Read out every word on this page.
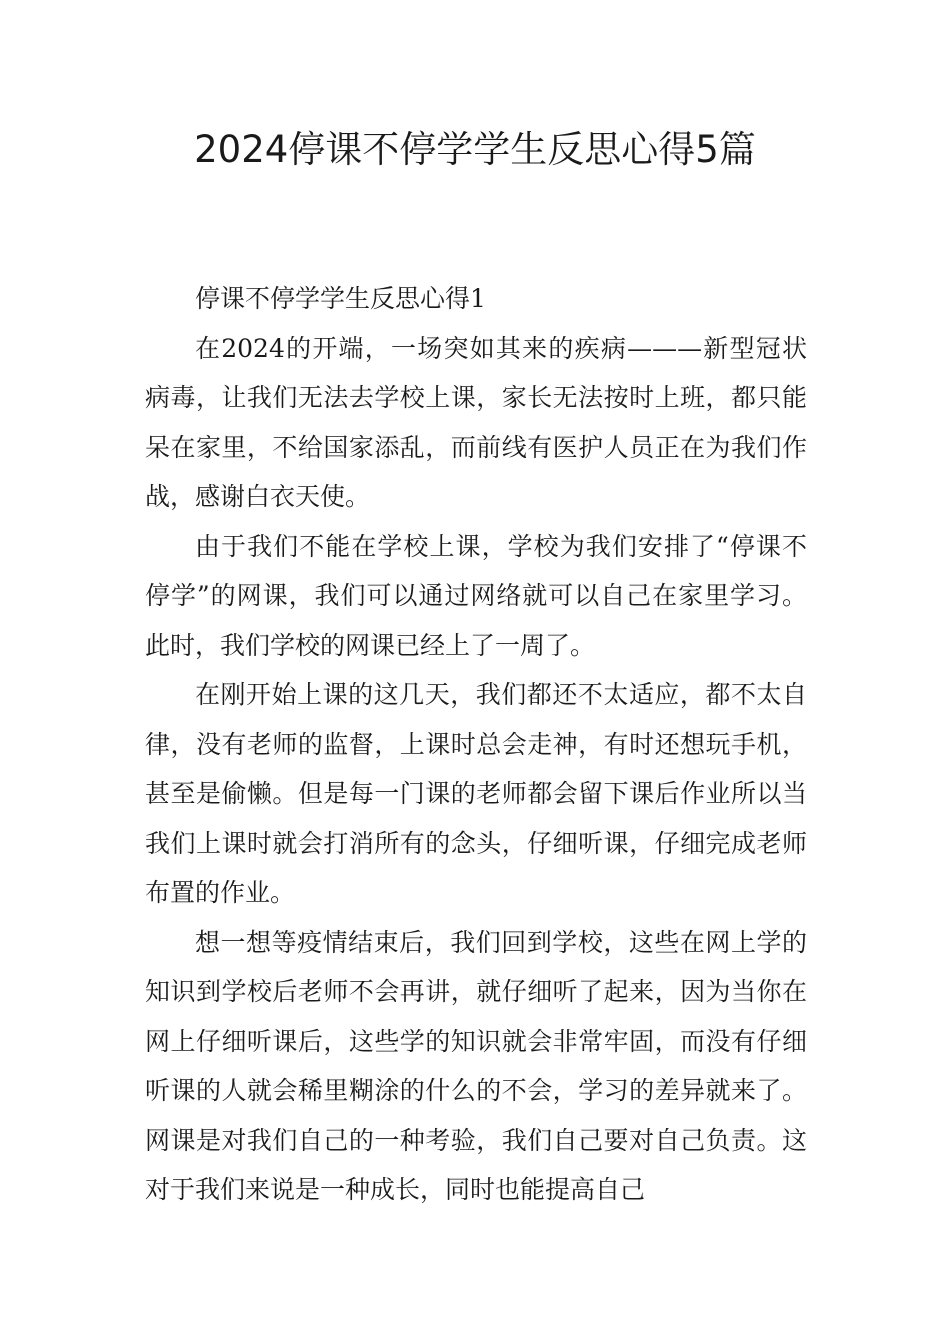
2024停课不停学学生反思心得5篇

停课不停学学生反思心得1

在2024的开端，一场突如其来的疾病———新型冠状病毒，让我们无法去学校上课，家长无法按时上班，都只能呆在家里，不给国家添乱，而前线有医护人员正在为我们作战，感谢白衣天使。

由于我们不能在学校上课，学校为我们安排了“停课不停学”的网课，我们可以通过网络就可以自己在家里学习。此时，我们学校的网课已经上了一周了。

在刚开始上课的这几天，我们都还不太适应，都不太自律，没有老师的监督，上课时总会走神，有时还想玩手机，甚至是偷懒。但是每一门课的老师都会留下课后作业所以当我们上课时就会打消所有的念头，仔细听课，仔细完成老师布置的作业。

想一想等疫情结束后，我们回到学校，这些在网上学的知识到学校后老师不会再讲，就仔细听了起来，因为当你在网上仔细听课后，这些学的知识就会非常牢固，而没有仔细听课的人就会稀里糊涂的什么的不会，学习的差异就来了。网课是对我们自己的一种考验，我们自己要对自己负责。这对于我们来说是一种成长，同时也能提高自己
